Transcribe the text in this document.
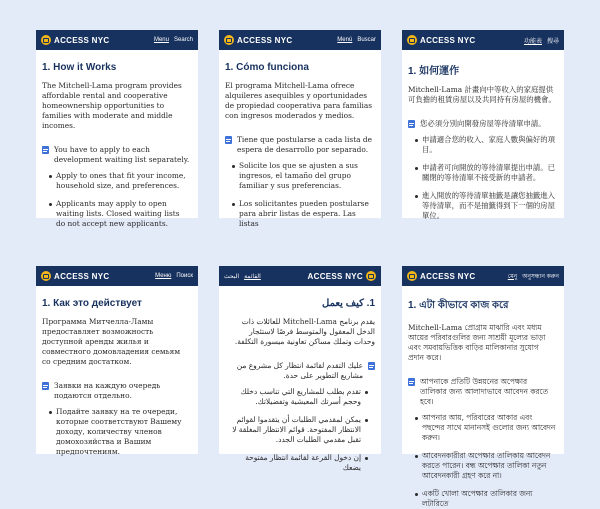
ACCESS NYC	Menu Search
1. How it Works
The Mitchell-Lama program provides affordable rental and cooperative homeownership opportunities to families with moderate and middle incomes.
You have to apply to each development waiting list separately.
Apply to ones that fit your income, household size, and preferences.
Applicants may apply to open waiting lists. Closed waiting lists do not accept new applicants.
ACCESS NYC	Menú Buscar
1. Cómo funciona
El programa Mitchell-Lama ofrece alquileres asequibles y oportunidades de propiedad cooperativa para familias con ingresos moderados y medios.
Tiene que postularse a cada lista de espera de desarrollo por separado.
Solicite los que se ajusten a sus ingresos, el tamaño del grupo familiar y sus preferencias.
Los solicitantes pueden postularse para abrir listas de espera. Las listas
ACCESS NYC	功能表 搜尋
1. 如何運作
Mitchell-Lama 計畫向中等收入的家庭提供可負擔的租賃房屋以及共同持有房屋的機會。
您必須分別向開發房屋等待清單申請。
申請適合您的收入、家庭人數與偏好的項目。
申請者可向開放的等待清單提出申請。已關閉的等待清單不接受新的申請者。
進入開放的等待清單抽籤是讓您抽籤進入等待清單，而不是抽籤得到下一個的房屋單位。
ACCESS NYC	Меню Поиск
1. Как это действует
Программа Митчелла-Ламы предоставляет возможность доступной аренды жилья и совместного домовладения семьям со средним достатком.
Заявки на каждую очередь подаются отдельно.
Подайте заявку на те очереди, которые соответствуют Вашему доходу, количеству членов домохозяйства и Вашим предпочтениям.
ACCESS NYC
القائمة
البحث
1. كيف يعمل
يقدم برنامج Mitchell-Lama للعائلات ذات الدخل المعقول والمتوسط فرصًا لاستئجار وحدات وتملك مساكن تعاونية ميسورة التكلفة.
عليك التقدم لقائمة انتظار كل مشروع من مشاريع التطوير على حدة.
تقدم بطلب للمشاريع التي تناسب دخلك وحجم أسرتك المعيشية وتفضيلاتك.
يمكن لمقدمي الطلبات أن يتقدموا لقوائم الانتظار المفتوحة. قوائم الانتظار المغلقة لا تقبل مقدمي الطلبات الجدد.
إن دخول القرعة لقائمة انتظار مفتوحة يضعك
ACCESS NYC	মেনু অনুসন্ধান করুন
1. এটা কীভাবে কাজ করে
Mitchell-Lama প্রোগ্রাম মাঝারি এবং মধ্যম আয়ের পরিবারগুলির জন্য সাশ্রয়ী মূল্যের ভাড়া এবং সমবায়ভিত্তিক বাড়ির মালিকানার সুযোগ প্রদান করে।
আপনাকে প্রতিটি উন্নয়নের অপেক্ষার তালিকার জন্য আলাদাভাবে আবেদন করতে হবে।
আপনার আয়, পরিবারের আকার এবং পছন্দের সাথে মানানসই গুলোর জন্য আবেদন করুন।
আবেদনকারীরা অপেক্ষার তালিকায় আবেদন করতে পারেন। বন্ধ অপেক্ষার তালিকা নতুন আবেদনকারী গ্রহণ করে না।
একটি খোলা অপেক্ষার তালিকার জন্য লটারিতে
